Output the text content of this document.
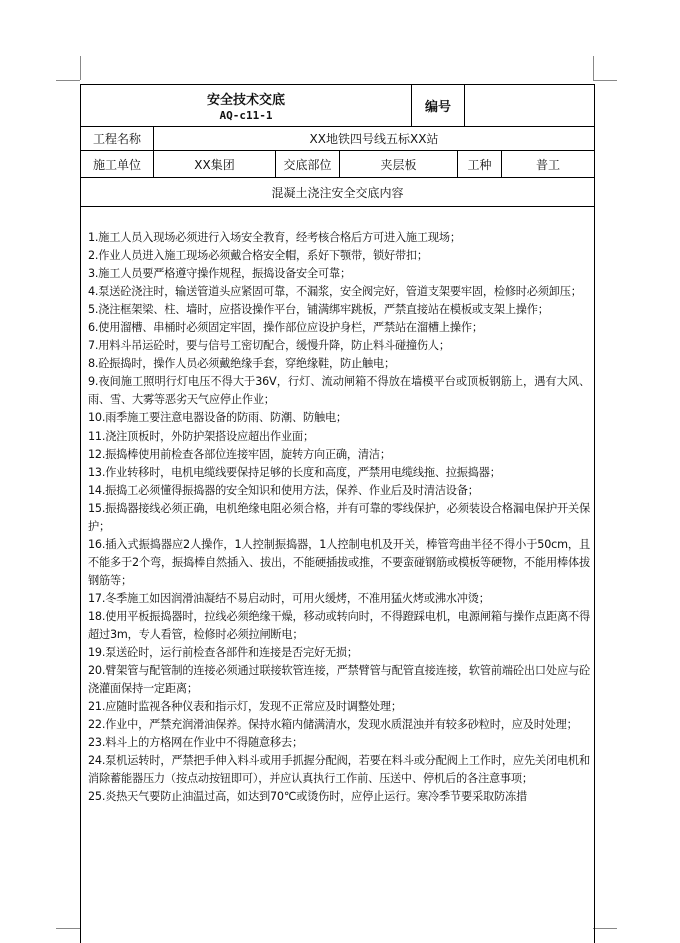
安全技术交底
AQ-c11-1
编号
工程名称	XX地铁四号线五标XX站
施工单位	XX集团	交底部位	夹层板	工种	普工
混凝土浇注安全交底内容

1.施工人员入现场必须进行入场安全教育，经考核合格后方可进入施工现场；

2.作业人员进入施工现场必须戴合格安全帽，系好下颚带，锁好带扣；

3.施工人员要严格遵守操作规程，振捣设备安全可靠；

4.泵送砼浇注时，输送管道头应紧固可靠，不漏浆，安全阀完好，管道支架要牢固，检修时必须卸压；

5.浇注框架梁、柱、墙时，应搭设操作平台，铺满绑牢跳板，严禁直接站在模板或支架上操作；

6.使用溜槽、串桶时必须固定牢固，操作部位应设护身栏，严禁站在溜槽上操作；

7.用料斗吊运砼时，要与信号工密切配合，缓慢升降，防止料斗碰撞伤人；

8.砼振捣时，操作人员必须戴绝缘手套，穿绝缘鞋，防止触电；

9.夜间施工照明行灯电压不得大于36V，行灯、流动闸箱不得放在墙模平台或顶板钢筋上，遇有大风、雨、雪、大雾等恶劣天气应停止作业；

10.雨季施工要注意电器设备的防雨、防潮、防触电；

11.浇注顶板时，外防护架搭设应超出作业面；

12.振捣棒使用前检查各部位连接牢固，旋转方向正确，清洁；

13.作业转移时，电机电缆线要保持足够的长度和高度，严禁用电缆线拖、拉振捣器；

14.振捣工必须懂得振捣器的安全知识和使用方法，保养、作业后及时清洁设备；

15.振捣器接线必须正确，电机绝缘电阻必须合格，并有可靠的零线保护，必须装设合格漏电保护开关保护；

16.插入式振捣器应2人操作，1人控制振捣器，1人控制电机及开关，棒管弯曲半径不得小于50cm，且不能多于2个弯，振捣棒自然插入、拔出，不能硬插拔或推，不要蛮碰钢筋或模板等硬物，不能用棒体拔钢筋等；

17.冬季施工如因润滑油凝结不易启动时，可用火缓烤，不准用猛火烤或沸水冲烫；

18.使用平板振捣器时，拉线必须绝缘干燥，移动或转向时，不得蹬踩电机，电源闸箱与操作点距离不得超过3m，专人看管，检修时必须拉闸断电；

19.泵送砼时，运行前检查各部件和连接是否完好无损；

20.臂架管与配管制的连接必须通过联接软管连接，严禁臂管与配管直接连接，软管前端砼出口处应与砼浇灌面保持一定距离；

21.应随时监视各种仪表和指示灯，发现不正常应及时调整处理；

22.作业中，严禁充润滑油保养。保持水箱内储满清水，发现水质混浊并有较多砂粒时，应及时处理；

23.料斗上的方格网在作业中不得随意移去；

24.泵机运转时，严禁把手伸入料斗或用手抓握分配阀，若要在料斗或分配阀上工作时，应先关闭电机和消除蓄能器压力（按点动按钮即可），并应认真执行工作前、压送中、停机后的各注意事项；

25.炎热天气要防止油温过高，如达到70℃或烫伤时，应停止运行。寒冷季节要采取防冻措
